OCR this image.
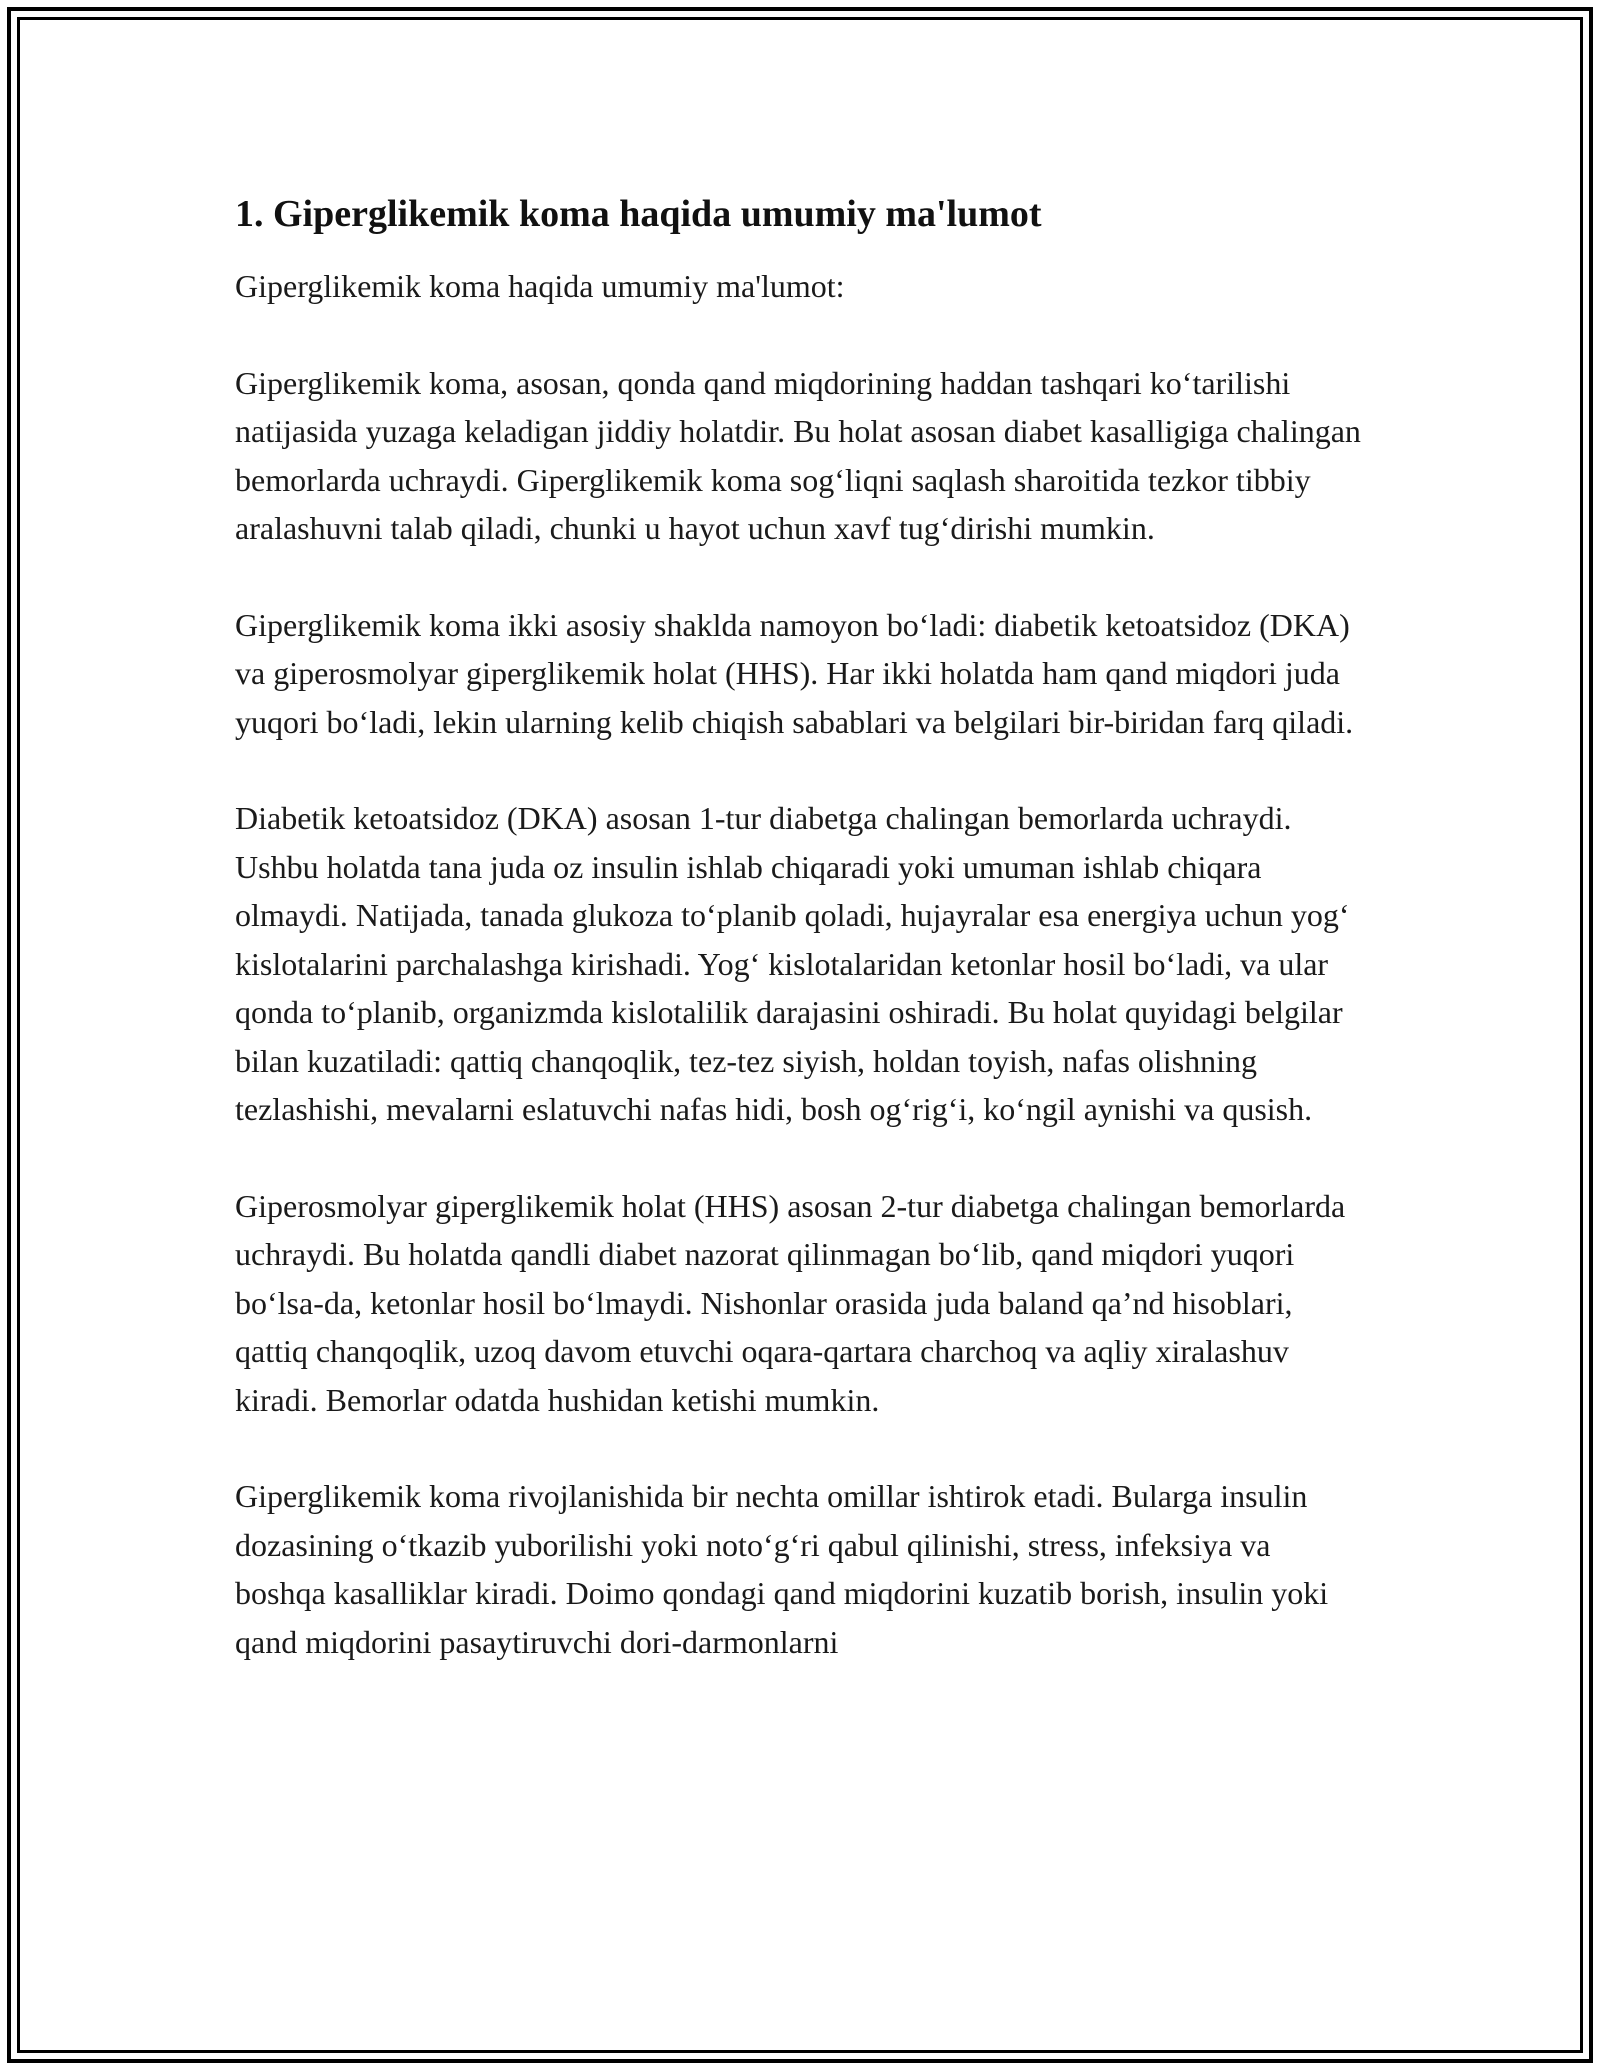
1. Giperglikemik koma haqida umumiy ma'lumot

Giperglikemik koma haqida umumiy ma'lumot:

Giperglikemik koma, asosan, qonda qand miqdorining haddan tashqari ko‘tarilishi natijasida yuzaga keladigan jiddiy holatdir. Bu holat asosan diabet kasalligiga chalingan bemorlarda uchraydi. Giperglikemik koma sog‘liqni saqlash sharoitida tezkor tibbiy aralashuvni talab qiladi, chunki u hayot uchun xavf tug‘dirishi mumkin.

Giperglikemik koma ikki asosiy shaklda namoyon bo‘ladi: diabetik ketoatsidoz (DKA) va giperosmolyar giperglikemik holat (HHS). Har ikki holatda ham qand miqdori juda yuqori bo‘ladi, lekin ularning kelib chiqish sabablari va belgilari bir-biridan farq qiladi.

Diabetik ketoatsidoz (DKA) asosan 1-tur diabetga chalingan bemorlarda uchraydi. Ushbu holatda tana juda oz insulin ishlab chiqaradi yoki umuman ishlab chiqara olmaydi. Natijada, tanada glukoza to‘planib qoladi, hujayralar esa energiya uchun yog‘ kislotalarini parchalashga kirishadi. Yog‘ kislotalaridan ketonlar hosil bo‘ladi, va ular qonda to‘planib, organizmda kislotalilik darajasini oshiradi. Bu holat quyidagi belgilar bilan kuzatiladi: qattiq chanqoqlik, tez-tez siyish, holdan toyish, nafas olishning tezlashishi, mevalarni eslatuvchi nafas hidi, bosh og‘rig‘i, ko‘ngil aynishi va qusish.

Giperosmolyar giperglikemik holat (HHS) asosan 2-tur diabetga chalingan bemorlarda uchraydi. Bu holatda qandli diabet nazorat qilinmagan bo‘lib, qand miqdori yuqori bo‘lsa-da, ketonlar hosil bo‘lmaydi. Nishonlar orasida juda baland qa’nd hisoblari, qattiq chanqoqlik, uzoq davom etuvchi oqara-qartara charchoq va aqliy xiralashuv kiradi. Bemorlar odatda hushidan ketishi mumkin.

Giperglikemik koma rivojlanishida bir nechta omillar ishtirok etadi. Bularga insulin dozasining o‘tkazib yuborilishi yoki noto‘g‘ri qabul qilinishi, stress, infeksiya va boshqa kasalliklar kiradi. Doimo qondagi qand miqdorini kuzatib borish, insulin yoki qand miqdorini pasaytiruvchi dori-darmonlarni
